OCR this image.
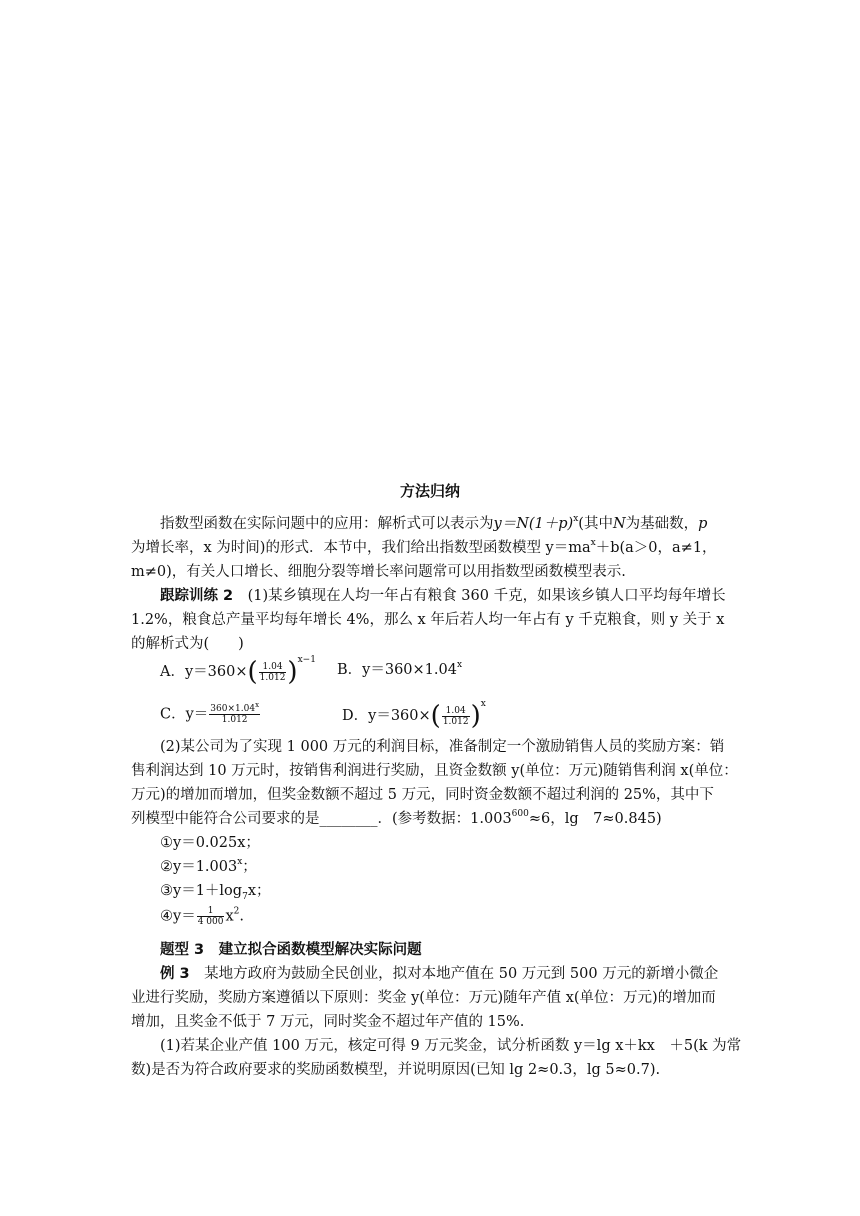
方法归纳
指数型函数在实际问题中的应用：解析式可以表示为$y=N(1+p)^x$(其中N为基础数，p
为增长率，x 为时间)的形式．本节中，我们给出指数型函数模型 $y=ma^x+b(a>0$，a≠1，
m≠0)，有关人口增长、细胞分裂等增长率问题常可以用指数型函数模型表示.
跟踪训练 2　 (1)某乡镇现在人均一年占有粮食 360 千克，如果该乡镇人口平均每年增长
1.2%，粮食总产量平均每年增长 4%，那么 x 年后若人均一年占有 y 千克粮食，则 y 关于 x
的解析式为(　　)
A．$y=360\times( \frac{1.04}{1.012} )^{x-1}$
B．$y=360\times 1.04^x$
C．$y= \frac{360\times 1.04^x}{1.012}$	D．$y=360\times( \frac{1.04}{1.012} )^x$
(2)某公司为了实现 1 000 万元的利润目标，准备制定一个激励销售人员的奖励方案：销
售利润达到 10 万元时，按销售利润进行奖励，且资金数额 y(单位：万元)随销售利润 x(单位：
万元)的增加而增加，但奖金数额不超过 5 万元，同时资金数额不超过利润的 25%，其中下
列模型中能符合公司要求的是________．(参考数据：$1.003^{600}\approx 6$，lg　7≈0.845)
①y＝0.025x；
$②y=1.003^x$；
$③y=1+\log_7x$；
④y＝ $\frac{1}{4 000} x^2$.
题型 3　建立拟合函数模型解决实际问题
例 3　某地方政府为鼓励全民创业，拟对本地产值在 50 万元到 500 万元的新增小微企
业进行奖励，奖励方案遵循以下原则：奖金 y(单位：万元)随年产值 x(单位：万元)的增加而
增加，且奖金不低于 7 万元，同时奖金不超过年产值的 15%.
(1)若某企业产值 100 万元，核定可得 9 万元奖金，试分析函数 y＝lg x＋kx　＋5(k 为常
数)是否为符合政府要求的奖励函数模型，并说明原因(已知 lg 2≈0.3，lg 5≈0.7).
